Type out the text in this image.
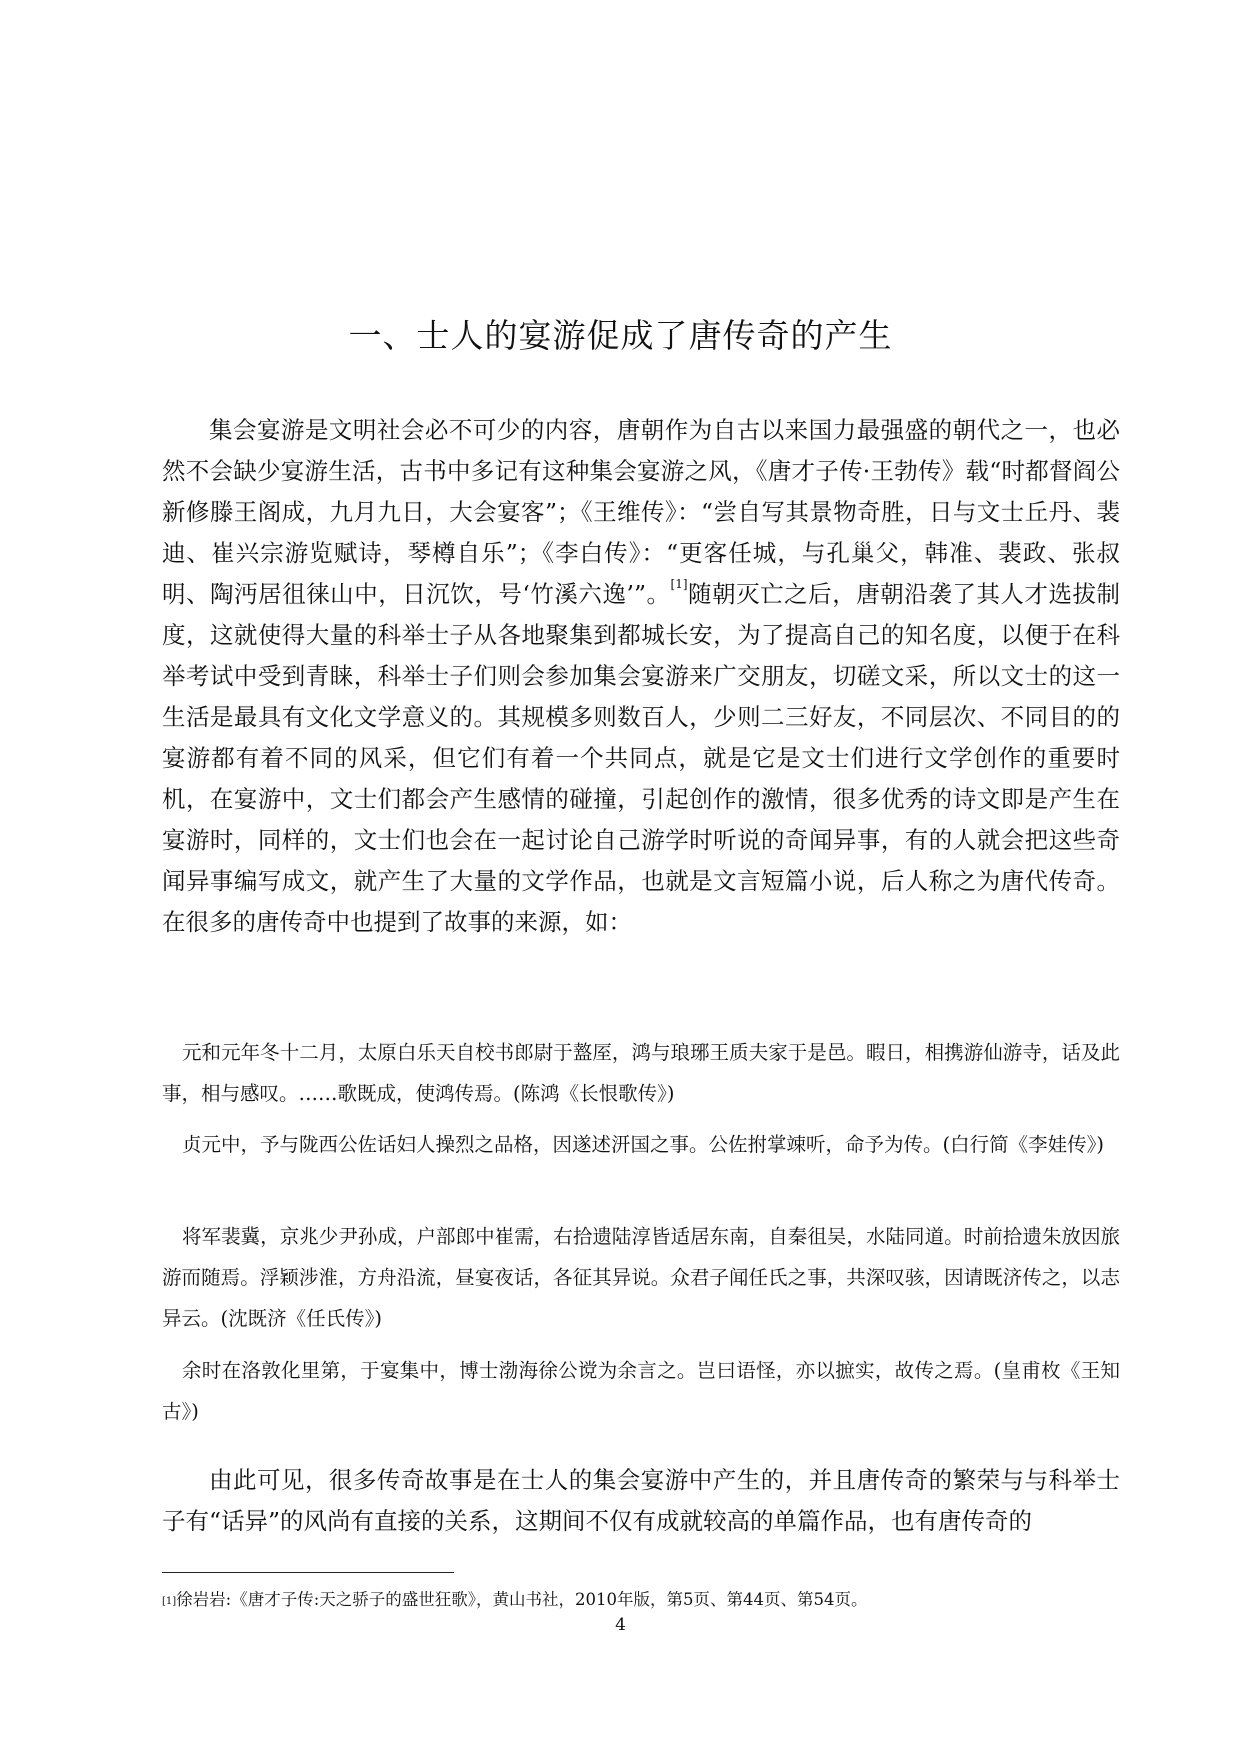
一、士人的宴游促成了唐传奇的产生

集会宴游是文明社会必不可少的内容，唐朝作为自古以来国力最强盛的朝代之一，也必然不会缺少宴游生活，古书中多记有这种集会宴游之风，《唐才子传·王勃传》载“时都督阎公新修滕王阁成，九月九日，大会宴客”；《王维传》：“尝自写其景物奇胜，日与文士丘丹、裴迪、崔兴宗游览赋诗，琴樽自乐”；《李白传》：“更客任城，与孔巢父，韩准、裴政、张叔明、陶沔居徂徕山中，日沉饮，号‘竹溪六逸’”。[1]随朝灭亡之后，唐朝沿袭了其人才选拔制度，这就使得大量的科举士子从各地聚集到都城长安，为了提高自己的知名度，以便于在科举考试中受到青睐，科举士子们则会参加集会宴游来广交朋友，切磋文采，所以文士的这一生活是最具有文化文学意义的。其规模多则数百人，少则二三好友，不同层次、不同目的的宴游都有着不同的风采，但它们有着一个共同点，就是它是文士们进行文学创作的重要时机，在宴游中，文士们都会产生感情的碰撞，引起创作的激情，很多优秀的诗文即是产生在宴游时，同样的，文士们也会在一起讨论自己游学时听说的奇闻异事，有的人就会把这些奇闻异事编写成文，就产生了大量的文学作品，也就是文言短篇小说，后人称之为唐代传奇。在很多的唐传奇中也提到了故事的来源，如：

元和元年冬十二月，太原白乐天自校书郎尉于盩厔，鸿与琅琊王质夫家于是邑。暇日，相携游仙游寺，话及此事，相与感叹。……歌既成，使鸿传焉。(陈鸿《长恨歌传》)

贞元中，予与陇西公佐话妇人操烈之品格，因遂述汧国之事。公佐拊掌竦听，命予为传。(白行简《李娃传》)

将军裴冀，京兆少尹孙成，户部郎中崔需，右拾遗陆淳皆适居东南，自秦徂吴，水陆同道。时前拾遗朱放因旅游而随焉。浮颖涉淮，方舟沿流，昼宴夜话，各征其异说。众君子闻任氏之事，共深叹骇，因请既济传之，以志异云。(沈既济《任氏传》)

余时在洛敦化里第，于宴集中，博士渤海徐公谠为余言之。岂曰语怪，亦以摭实，故传之焉。(皇甫枚《王知古》)

由此可见，很多传奇故事是在士人的集会宴游中产生的，并且唐传奇的繁荣与与科举士子有“话异”的风尚有直接的关系，这期间不仅有成就较高的单篇作品，也有唐传奇的

[1]徐岩岩:《唐才子传:天之骄子的盛世狂歌》，黄山书社，2010年版，第5页、第44页、第54页。
4
